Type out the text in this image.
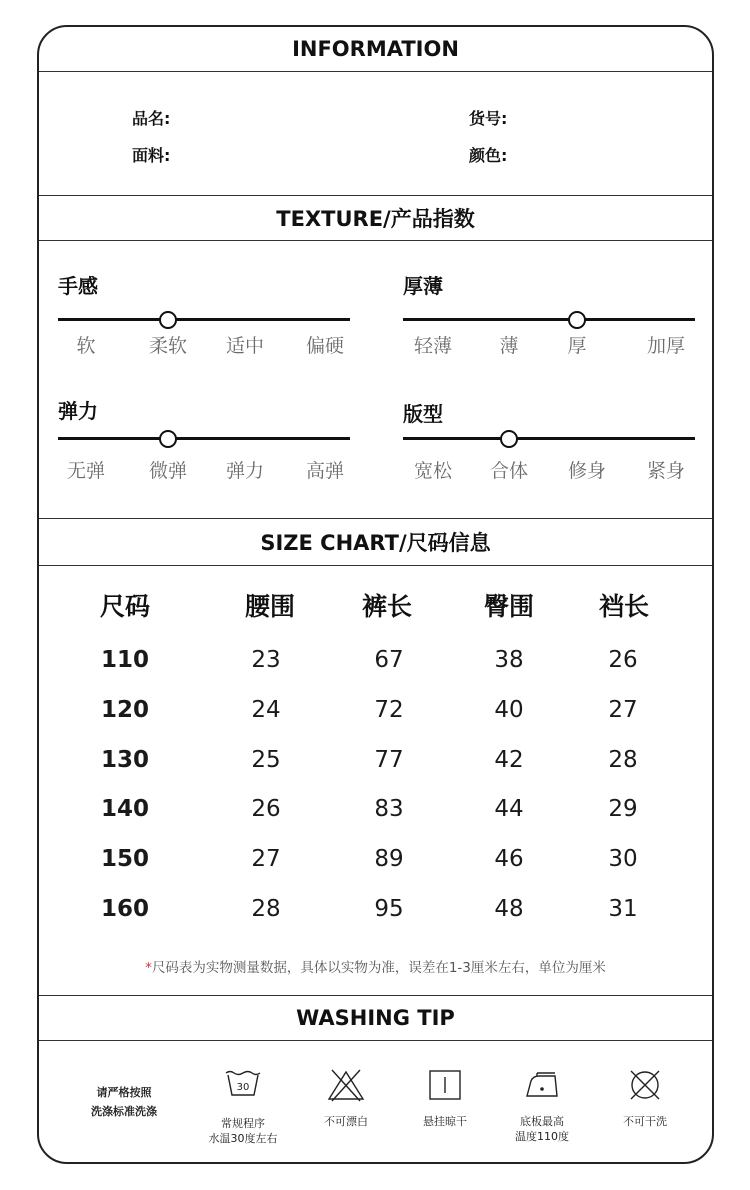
INFORMATION
品名:	货号:
面料:	颜色:
TEXTURE/产品指数
手感
软	柔软	适中	偏硬
厚薄
轻薄	薄	厚	加厚
弹力
无弹	微弹	弹力	高弹
版型
宽松	合体	修身	紧身
SIZE CHART/尺码信息
尺码	腰围	裤长	臀围	裆长
110	23	67	38	26
120	24	72	40	27
130	25	77	42	28
140	26	83	44	29
150	27	89	46	30
160	28	95	48	31
*尺码表为实物测量数据，具体以实物为准，误差在1-3厘米左右，单位为厘米
WASHING TIP
请严格按照
洗涤标准洗涤
30
常规程序
水温30度左右
不可漂白	悬挂晾干	底板最高
温度110度
不可干洗
